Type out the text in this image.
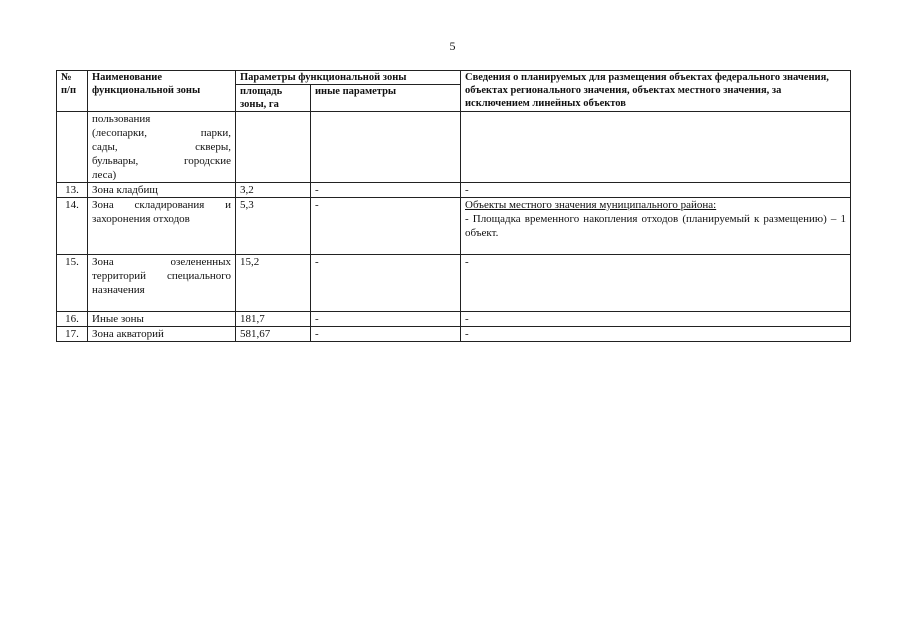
5
№ п/п	Наименование функциональной зоны	Параметры функциональной зоны		Сведения о планируемых для размещения объектах федерального значения, объектах регионального значения, объектах местного значения, за исключением линейных объектов
		площадь зоны, га	иные параметры	

	пользования
(лесопарки, парки,
сады, скверы,
бульвары, городские
леса)			

13.	Зона кладбищ	3,2	-	-
14.	Зона складирования и захоронения отходов	5,3	-	Объекты местного значения муниципального района:
- Площадка временного накопления отходов (планируемый к размещению) – 1 объект.

15.	Зона озелененных территорий специального назначения	15,2	-	-
16.	Иные зоны	181,7	-	-
17.	Зона акваторий	581,67	-	-
